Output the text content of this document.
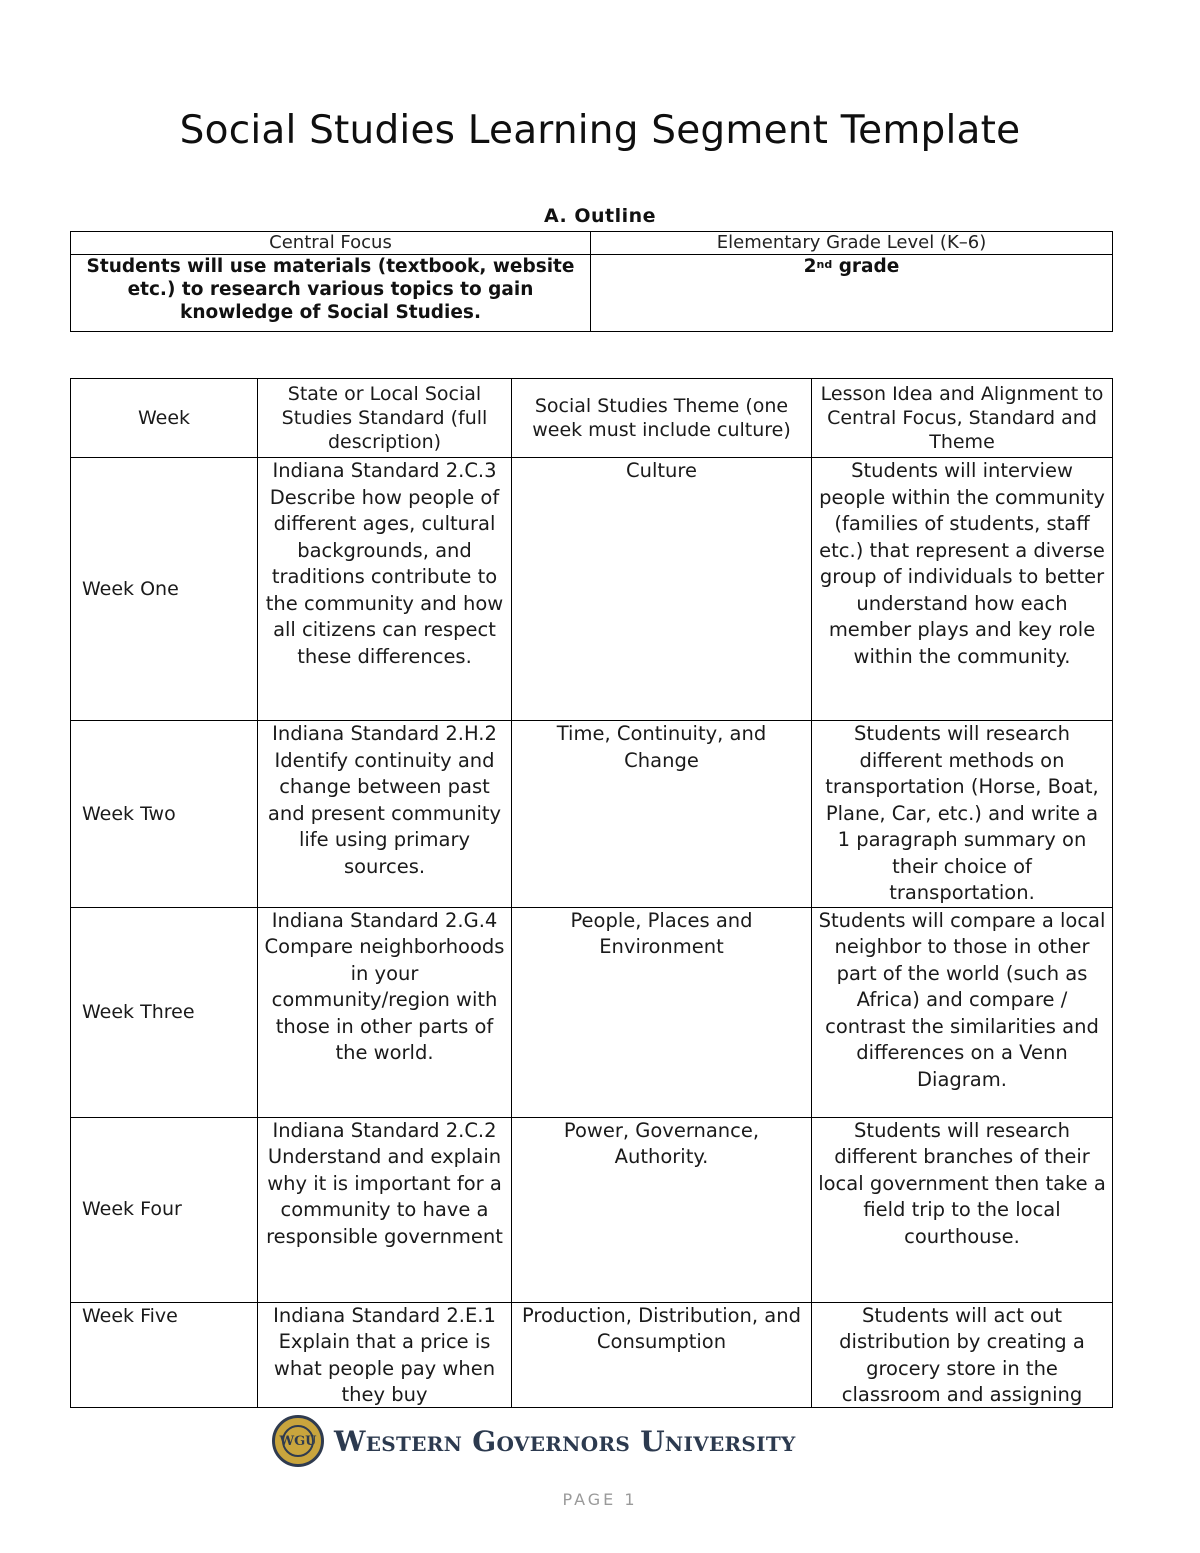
Social Studies Learning Segment Template
A. Outline
Central Focus	Elementary Grade Level (K–6)
Students will use materials (textbook, website etc.) to research various topics to gain knowledge of Social Studies.	2nd grade
Week	State or Local Social Studies Standard (full description)	Social Studies Theme (one week must include culture)	Lesson Idea and Alignment to Central Focus, Standard and Theme
Week One	Indiana Standard 2.C.3 Describe how people of different ages, cultural backgrounds, and traditions contribute to the community and how all citizens can respect these differences.	Culture	Students will interview people within the community (families of students, staff etc.) that represent a diverse group of individuals to better understand how each member plays and key role within the community.
Week Two	Indiana Standard 2.H.2 Identify continuity and change between past and present community life using primary sources.	Time, Continuity, and Change	Students will research different methods on transportation (Horse, Boat, Plane, Car, etc.) and write a 1 paragraph summary on their choice of transportation.
Week Three	Indiana Standard 2.G.4 Compare neighborhoods in your community/region with those in other parts of the world.	People, Places and Environment	Students will compare a local neighbor to those in other part of the world (such as Africa) and compare / contrast the similarities and differences on a Venn Diagram.
Week Four	Indiana Standard 2.C.2 Understand and explain why it is important for a community to have a responsible government	Power, Governance, Authority.	Students will research different branches of their local government then take a field trip to the local courthouse.
Week Five	Indiana Standard 2.E.1 Explain that a price is what people pay when they buy	Production, Distribution, and Consumption	Students will act out distribution by creating a grocery store in the classroom and assigning
WGU Western Governors University
PAGE 1
